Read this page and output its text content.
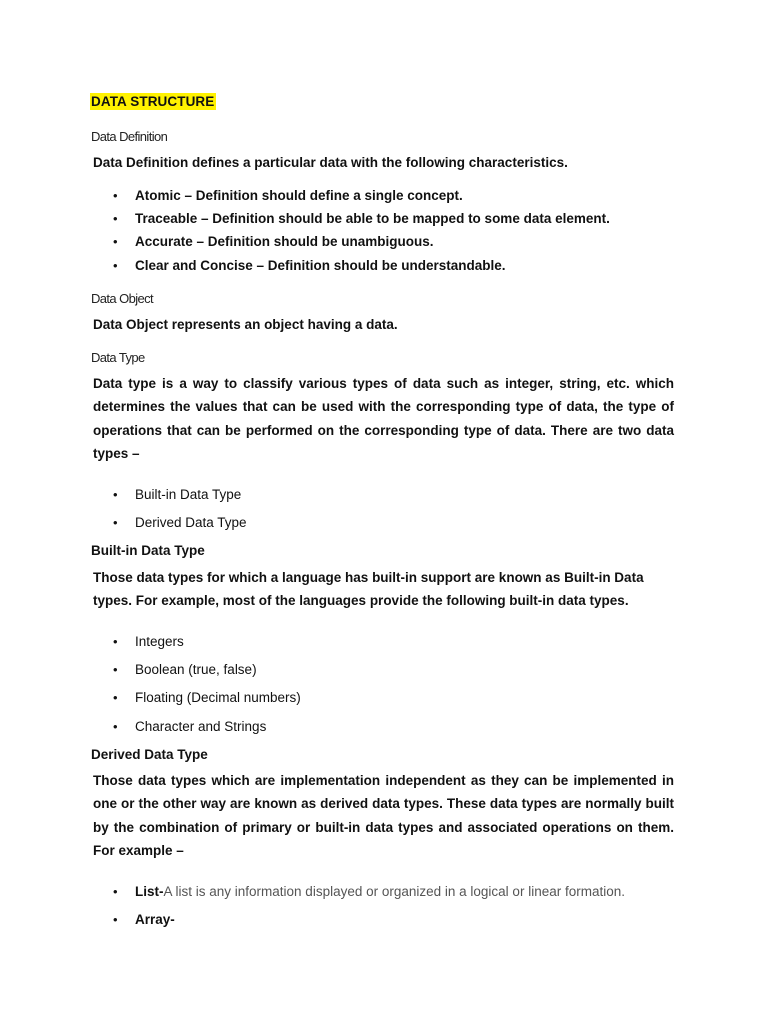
DATA STRUCTURE
Data Definition
Data Definition defines a particular data with the following characteristics.
• Atomic – Definition should define a single concept.
• Traceable – Definition should be able to be mapped to some data element.
• Accurate – Definition should be unambiguous.
• Clear and Concise – Definition should be understandable.
Data Object
Data Object represents an object having a data.
Data Type
Data type is a way to classify various types of data such as integer, string, etc. which determines the values that can be used with the corresponding type of data, the type of operations that can be performed on the corresponding type of data. There are two data types –
• Built-in Data Type
• Derived Data Type
Built-in Data Type
Those data types for which a language has built-in support are known as Built-in Data types. For example, most of the languages provide the following built-in data types.
• Integers
• Boolean (true, false)
• Floating (Decimal numbers)
• Character and Strings
Derived Data Type
Those data types which are implementation independent as they can be implemented in one or the other way are known as derived data types. These data types are normally built by the combination of primary or built-in data types and associated operations on them. For example –
• List-A list is any information displayed or organized in a logical or linear formation.
• Array-
